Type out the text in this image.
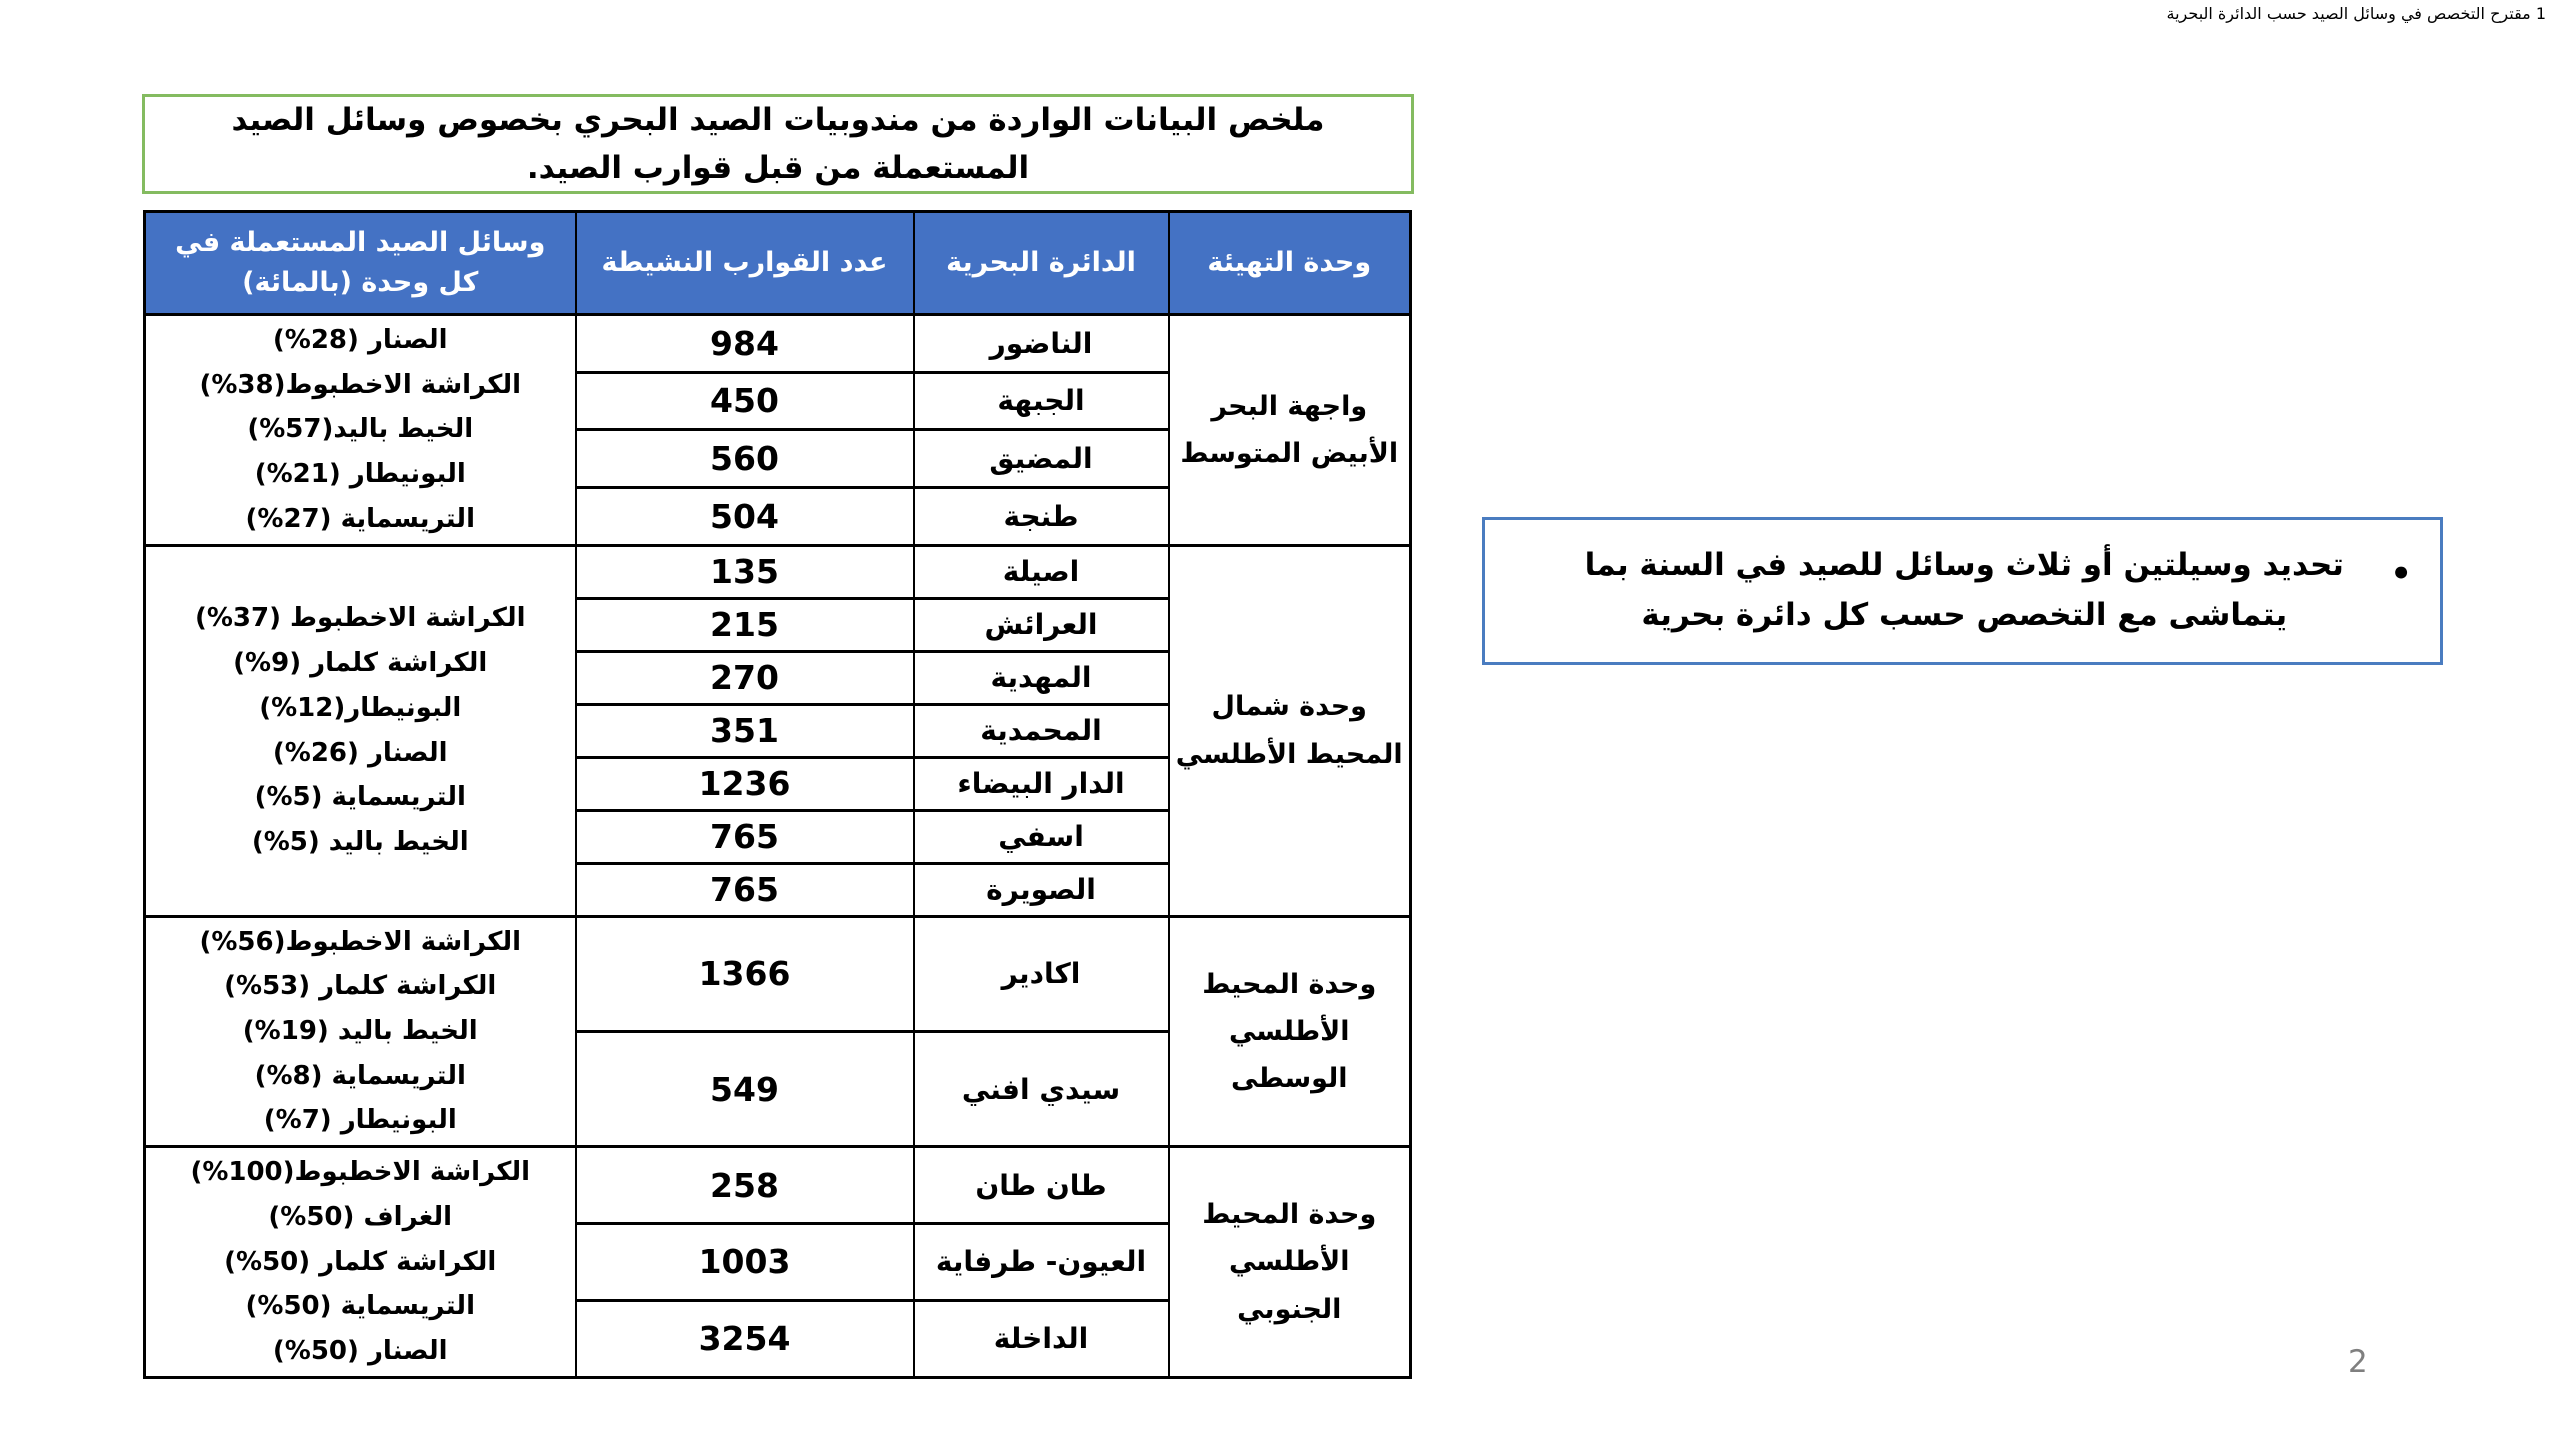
1 مقترح التخصص في وسائل الصيد حسب الدائرة البحرية
ملخص البيانات الواردة من مندوبيات الصيد البحري بخصوص وسائل الصيد المستعملة من قبل قوارب الصيد.
وحدة التهيئة	الدائرة البحرية	عدد القوارب النشيطة	وسائل الصيد المستعملة في كل وحدة (بالمائة)
واجهة البحر الأبيض المتوسط	الناضور	984	الصنار (28%)
الكراشة الاخطبوط(38%)
الخيط باليد(57%)
البونيطار (21%)
التريسماية (27%)

	الجبهة	450	
	المضيق	560	
	طنجة	504	
وحدة شمال المحيط الأطلسي	اصيلة	135	
الكراشة الاخطبوط (37%)
الكراشة كلمار (9%)
البونيطار(12%)
الصنار (26%)
التريسماية (5%)
الخيط باليد (5%)

	العرائش	215	
	المهدية	270	
	المحمدية	351	
	الدار البيضاء	1236	
	اسفي	765	
	الصويرة	765	
وحدة المحيط الأطلسي الوسطى	اكادير	1366	الكراشة الاخطبوط(56%)
الكراشة كلمار (53%)
الخيط باليد (19%)
التريسماية (8%)
البونيطار (7%)

	سيدي افني	549	
وحدة المحيط الأطلسي الجنوبي	طان طان	258	الكراشة الاخطبوط(100%)
الغراف (50%)
الكراشة كلمار (50%)
التريسماية (50%)
الصنار (50%)

	العيون- طرفاية	1003	
	الداخلة	3254	
•
تحديد وسيلتين أو ثلاث وسائل للصيد في السنة بما يتماشى مع التخصص حسب كل دائرة بحرية
2
